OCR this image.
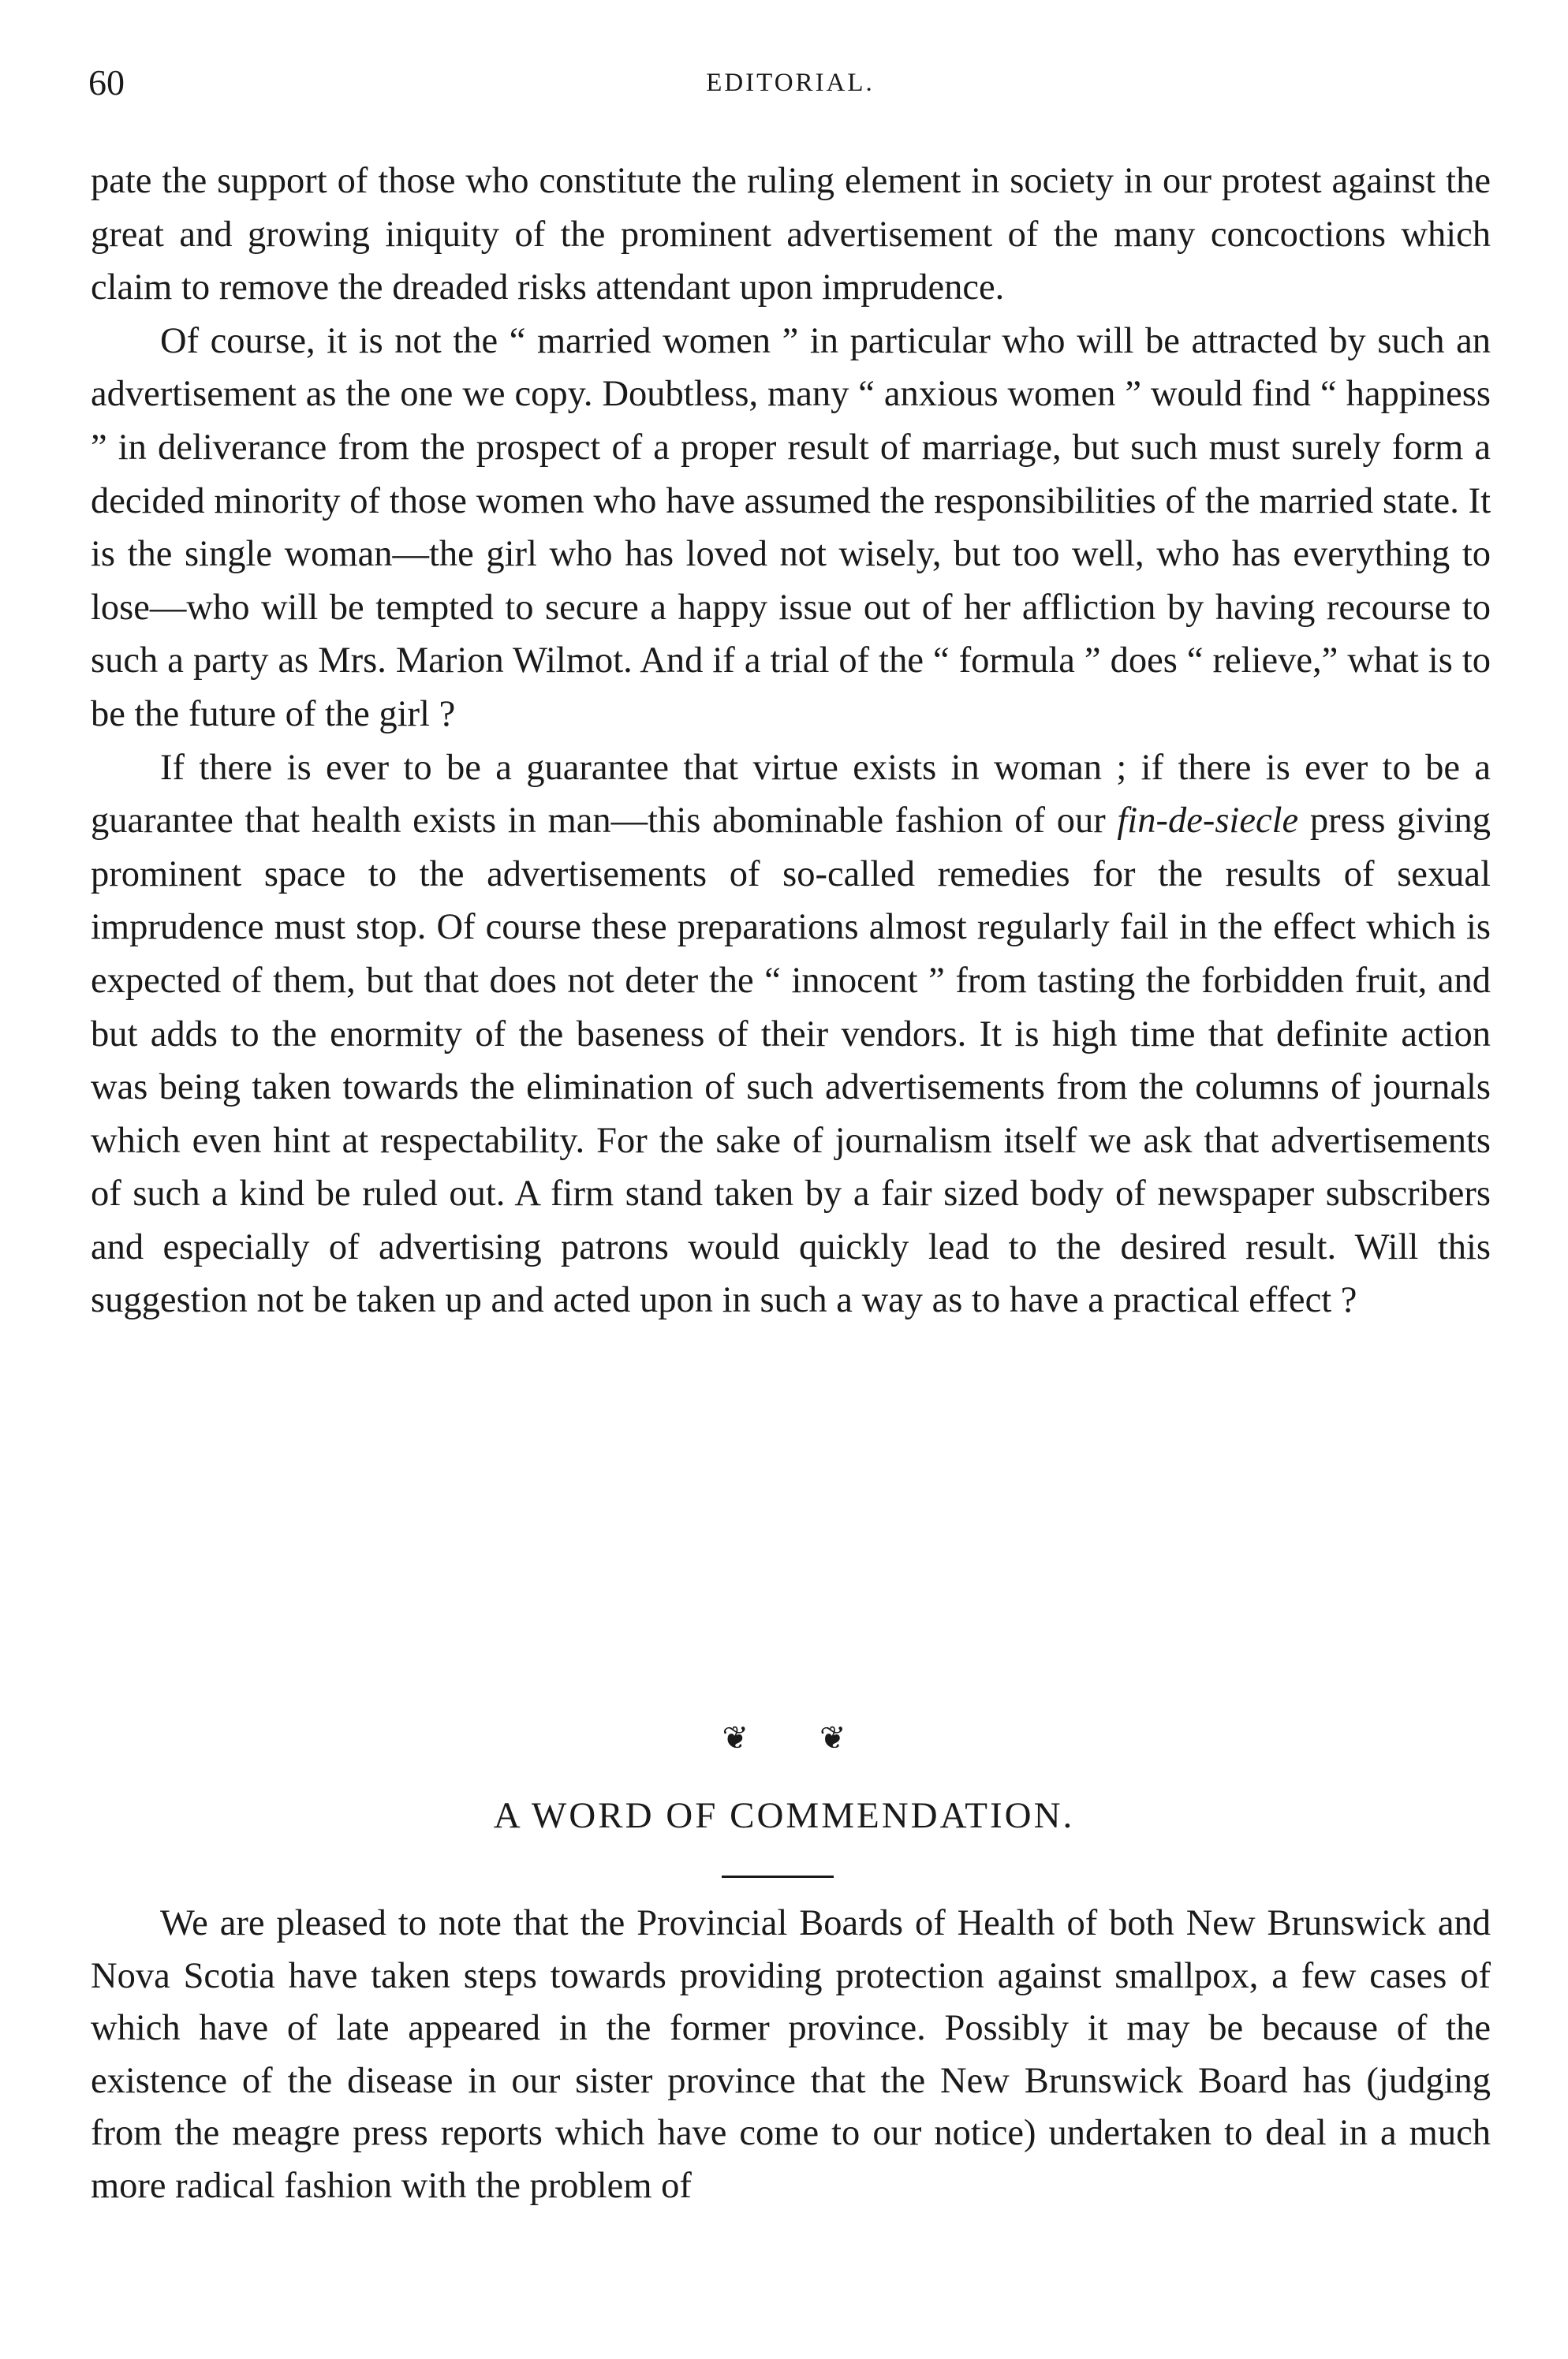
60	EDITORIAL.

pate the support of those who constitute the ruling element in society in our protest against the great and growing iniquity of the prominent advertisement of the many concoctions which claim to remove the dreaded risks attendant upon imprudence.

Of course, it is not the “ married women ” in particular who will be attracted by such an advertisement as the one we copy. Doubtless, many “ anxious women ” would find “ happiness ” in deliverance from the prospect of a proper result of marriage, but such must surely form a decided minority of those women who have assumed the responsibilities of the married state. It is the single woman—the girl who has loved not wisely, but too well, who has everything to lose—who will be tempted to secure a happy issue out of her affliction by having recourse to such a party as Mrs. Marion Wilmot. And if a trial of the “ formula ” does “ relieve,” what is to be the future of the girl ?

If there is ever to be a guarantee that virtue exists in woman ; if there is ever to be a guarantee that health exists in man—this abominable fashion of our fin-de-siecle press giving prominent space to the advertisements of so-called remedies for the results of sexual imprudence must stop. Of course these preparations almost regularly fail in the effect which is expected of them, but that does not deter the “ innocent ” from tasting the forbidden fruit, and but adds to the enormity of the baseness of their vendors. It is high time that definite action was being taken towards the elimination of such advertisements from the columns of journals which even hint at respectability. For the sake of journalism itself we ask that advertisements of such a kind be ruled out. A firm stand taken by a fair sized body of newspaper subscribers and especially of advertising patrons would quickly lead to the desired result. Will this suggestion not be taken up and acted upon in such a way as to have a practical effect ?

❦❦
A WORD OF COMMENDATION.

We are pleased to note that the Provincial Boards of Health of both New Brunswick and Nova Scotia have taken steps towards providing protection against smallpox, a few cases of which have of late appeared in the former province. Possibly it may be because of the existence of the disease in our sister province that the New Brunswick Board has (judging from the meagre press reports which have come to our notice) undertaken to deal in a much more radical fashion with the problem of
